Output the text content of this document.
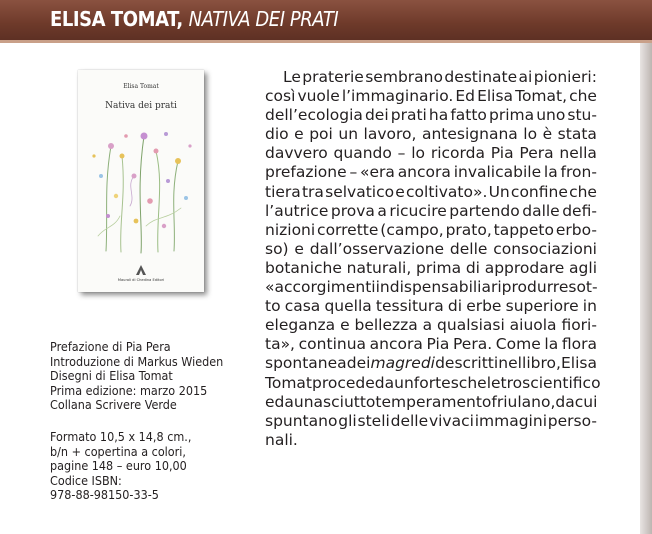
ELISA TOMAT, NATIVA DEI PRATI
Elisa Tomat
Nativa dei prati
Mauroli di Chedina Editori
Prefazione di Pia Pera
Introduzione di Markus Wieden
Disegni di Elisa Tomat
Prima edizione: marzo 2015
Collana Scrivere Verde
Formato 10,5 x 14,8 cm.,
b/n + copertina a colori,
pagine 148 – euro 10,00
Codice ISBN:
978-88-98150-33-5
Le praterie sembrano destinate ai pionieri:
così vuole l’immaginario. Ed Elisa Tomat, che
dell’ecologia dei prati ha fatto prima uno stu-
dio e poi un lavoro, antesignana lo è stata
davvero quando – lo ricorda Pia Pera nella
prefazione – «era ancora invalicabile la fron-
tiera tra selvatico e coltivato». Un confine che
l’autrice prova a ricucire partendo dalle defi-
nizioni corrette (campo, prato, tappeto erbo-
so) e dall’osservazione delle consociazioni
botaniche naturali, prima di approdare agli
«accorgimenti indispensabili a riprodurre sot-
to casa quella tessitura di erbe superiore in
eleganza e bellezza a qualsiasi aiuola fiori-
ta», continua ancora Pia Pera. Come la flora
spontanea dei magredi descritti nel libro, Elisa
Tomat procede da un forte scheletro scientifico
e da un asciutto temperamento friulano, da cui
spuntano gli steli delle vivaci immagini perso-
nali.
